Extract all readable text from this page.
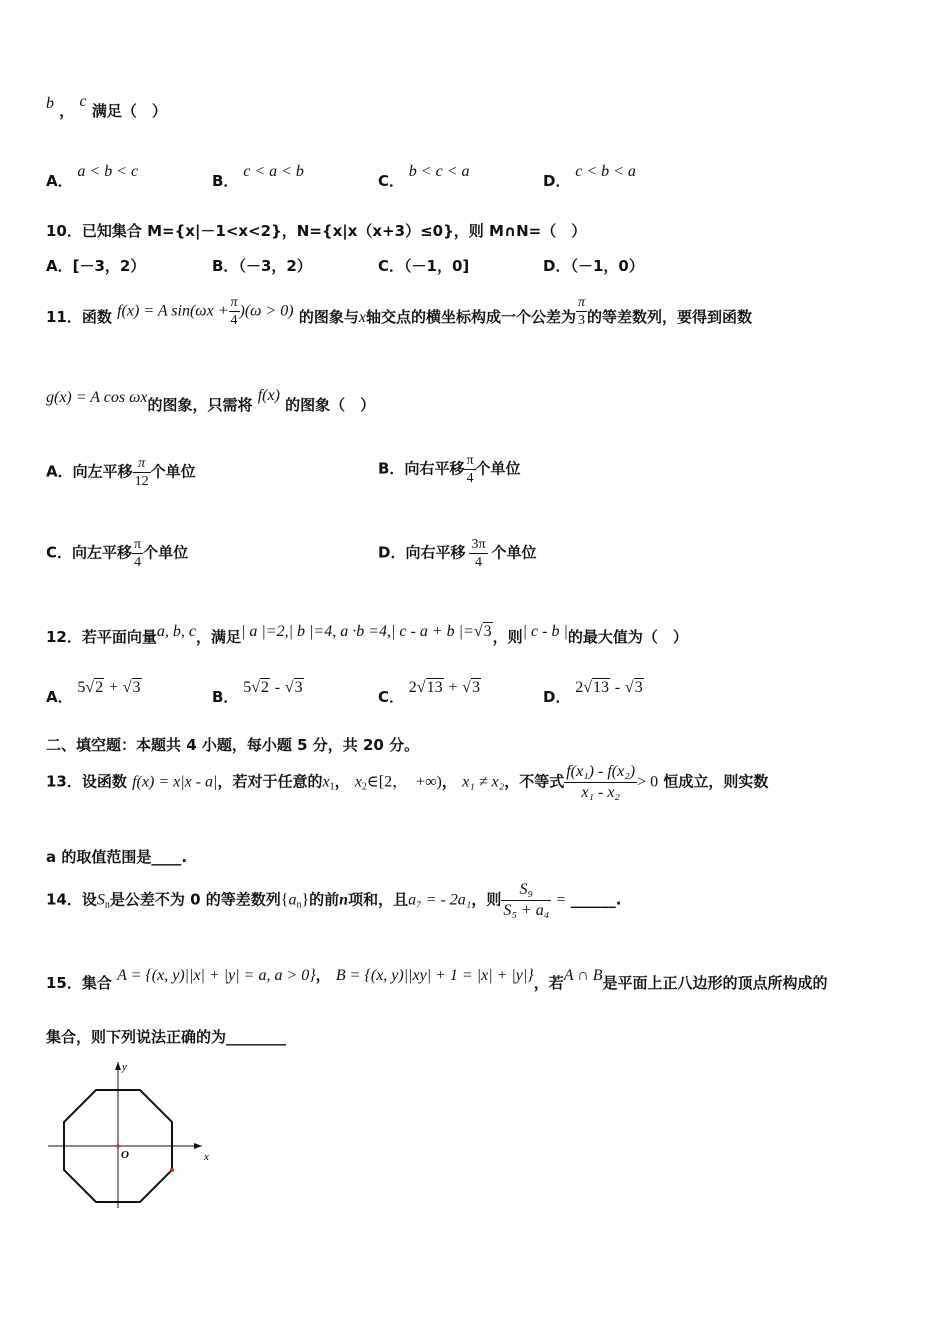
b ， c 满足（　）
A． a < b < c
B． c < a < b
C． b < c < a
D． c < b < a
10．已知集合 M={x|－1<x<2}，N={x|x（x+3）≤0}，则 M∩N=（　）
A．[－3，2）	B．（－3，2）	C．（－1，0]	D．（－1，0）
11．函数 f(x) = A $\sin(\omega x + \frac{\pi}{4} )(\omega > 0)$ 的图象与x轴交点的横坐标构成一个公差为 $\frac{\pi}{3}$ 的等差数列，要得到函数
g(x) = A cos ωx的图象，只需将 f(x) 的图象（　）
A．向左平移 $\frac{\pi}{12}$ 个单位	B．向右平移 $\frac{\pi}{4}$ 个单位
C．向左平移 $\frac{\pi}{4}$ 个单位	D．向右平移 $\frac{3\pi}{4}$ 个单位
12．若平面向量a, b, c，满足| a |=2,| b |=4, a ·b =4,| c - a + b |=√3，则| c - b |的最大值为（　）
A． 5√2 + √3
B． 5√2 - √3
C． 2√13 + √3
D． 2√13 - √3
二、填空题：本题共 4 小题，每小题 5 分，共 20 分。
13．设函数 f(x) = x|x - a|，若对于任意的$x_1$， $x_2\in[2$，　+∞)， x₁ ≠ x₂，不等式 $\frac{\text{f(x₁) - f(x₂)}}{\text{x₁ - x₂}} > 0$ 恒成立，则实数
a 的取值范围是____.
14．设$S_n$是公差不为 0 的等差数列$\{a_n\}$的前n项和，且a₇ = - 2a₁，则 $\frac{\text{S₉}}{\text{S₅ + a₄}}$ = ______.
15．集合 A = {(x, y)||x| + |y| = a, a > 0}， B = {(x, y)||xy| + 1 = |x| + |y|}，若A ∩ B是平面上正八边形的顶点所构成的
集合，则下列说法正确的为________
x
y
O
